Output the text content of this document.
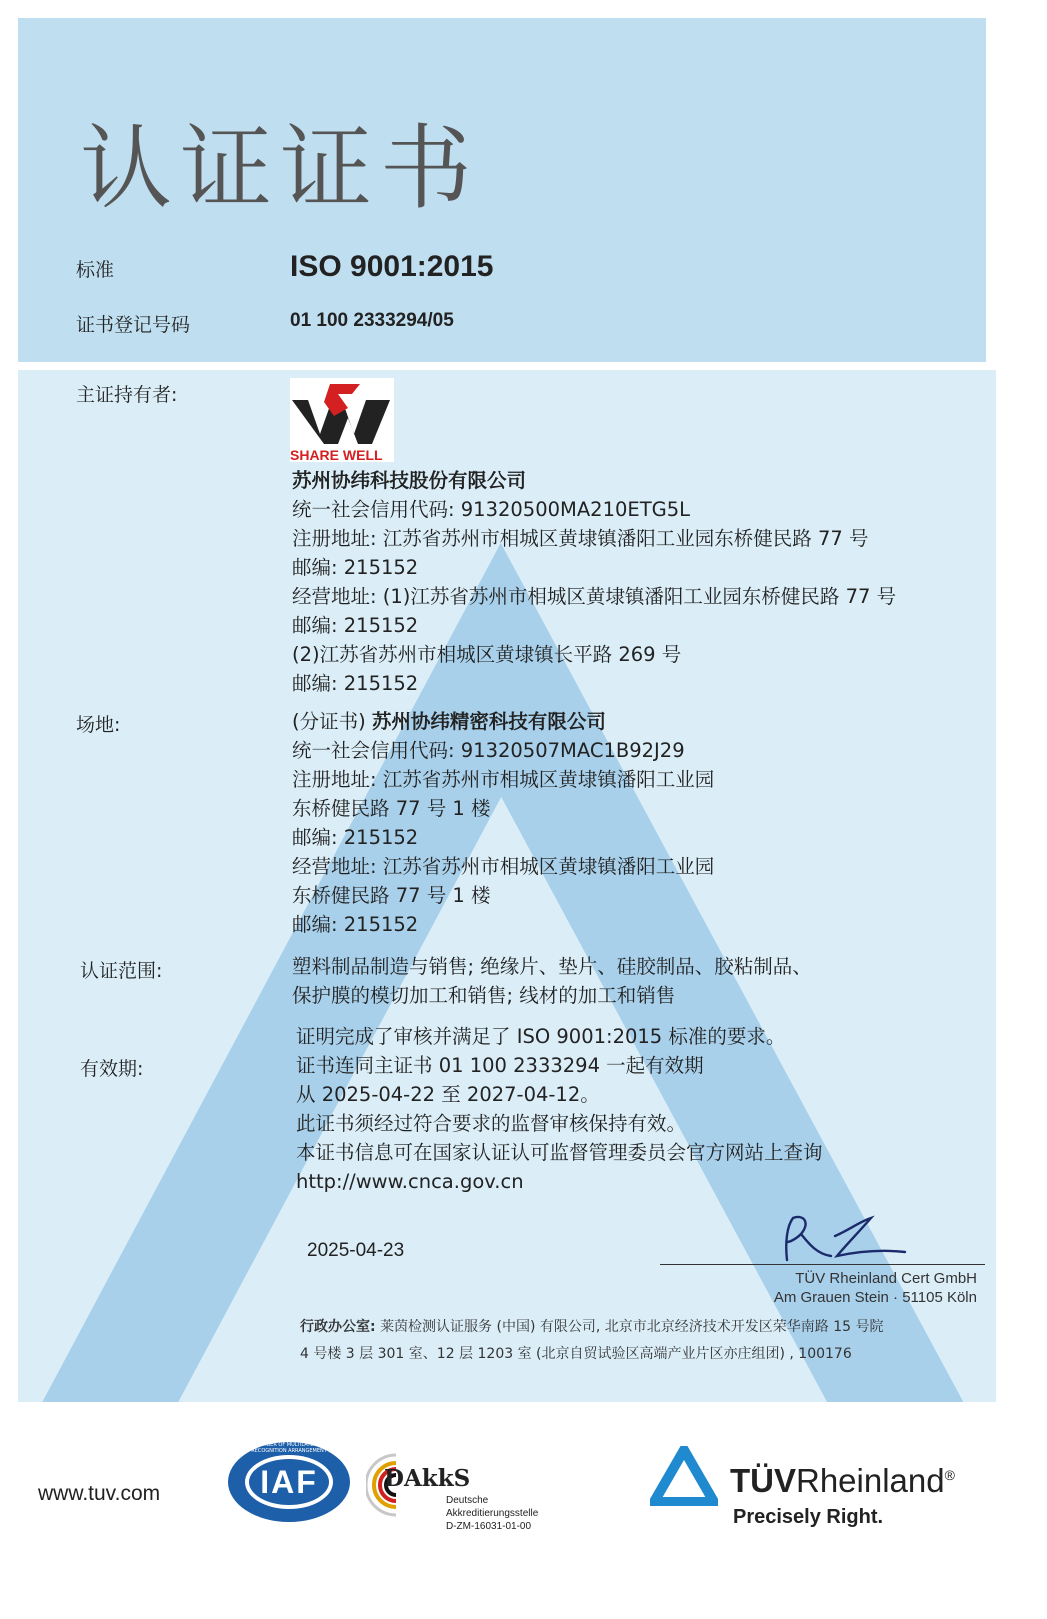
认证证书
标准	ISO 9001:2015
证书登记号码	01 100 2333294/05
主证持有者:
SHARE WELL
苏州协纬科技股份有限公司
统一社会信用代码: 91320500MA210ETG5L
注册地址: 江苏省苏州市相城区黄埭镇潘阳工业园东桥健民路 77 号
邮编: 215152
经营地址: (1)江苏省苏州市相城区黄埭镇潘阳工业园东桥健民路 77 号
邮编: 215152
(2)江苏省苏州市相城区黄埭镇长平路 269 号
邮编: 215152
场地:	(分证书) 苏州协纬精密科技有限公司
统一社会信用代码: 91320507MAC1B92J29
注册地址: 江苏省苏州市相城区黄埭镇潘阳工业园
东桥健民路 77 号 1 楼
邮编: 215152
经营地址: 江苏省苏州市相城区黄埭镇潘阳工业园
东桥健民路 77 号 1 楼
邮编: 215152
认证范围:	塑料制品制造与销售; 绝缘片、垫片、硅胶制品、胶粘制品、
保护膜的模切加工和销售; 线材的加工和销售
有效期:
证明完成了审核并满足了 ISO 9001:2015 标准的要求。
证书连同主证书 01 100 2333294 一起有效期
从 2025-04-22 至 2027-04-12。
此证书须经过符合要求的监督审核保持有效。
本证书信息可在国家认证认可监督管理委员会官方网站上查询
http://www.cnca.gov.cn
2025-04-23
TÜV Rheinland Cert GmbH
Am Grauen Stein · 51105 Köln
行政办公室: 莱茵检测认证服务 (中国) 有限公司, 北京市北京经济技术开发区荣华南路 15 号院
4 号楼 3 层 301 室、12 层 1203 室 (北京自贸试验区高端产业片区亦庄组团) , 100176
www.tuv.com	IAF
MEMBER OF MULTILATERAL RECOGNITION ARRANGEMENT
DAkkS
Deutsche
Akkreditierungsstelle
D-ZM-16031-01-00
TÜVRheinland®
Precisely Right.
